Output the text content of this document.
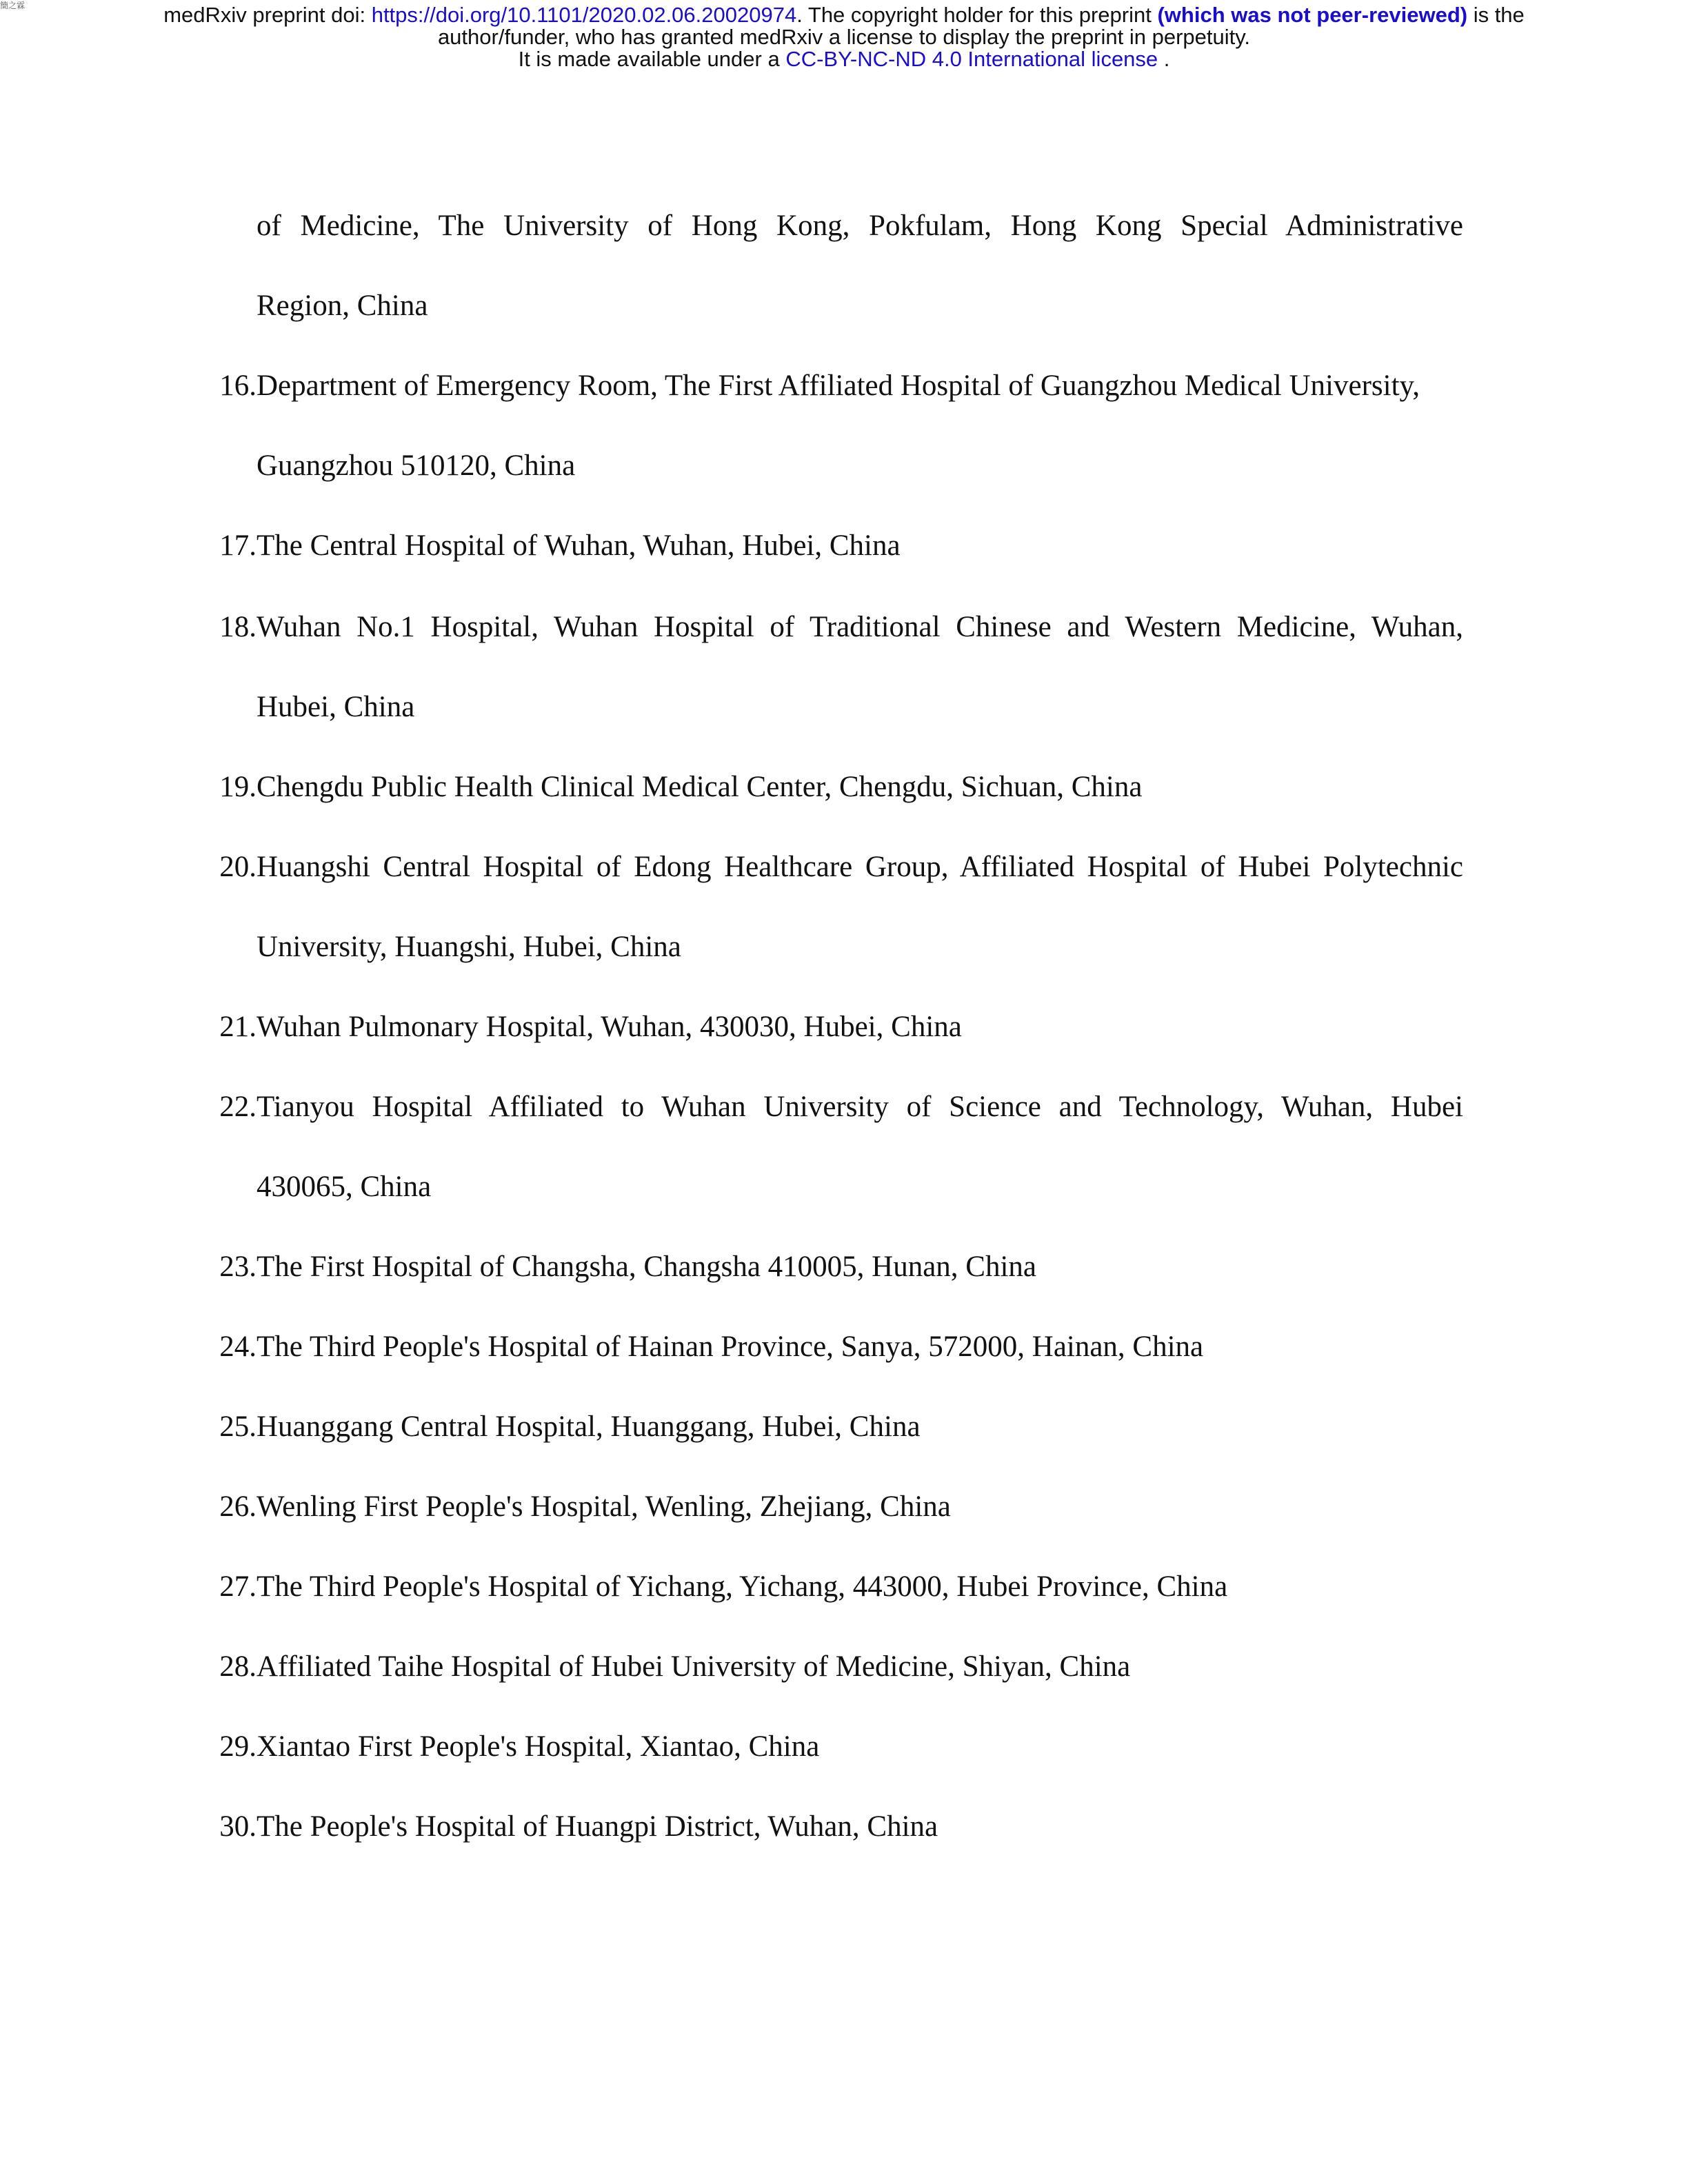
簡之霖	medRxiv preprint doi: https://doi.org/10.1101/2020.02.06.20020974. The copyright holder for this preprint (which was not peer-reviewed) is the
author/funder, who has granted medRxiv a license to display the preprint in perpetuity.
It is made available under a CC-BY-NC-ND 4.0 International license .
of Medicine, The University of Hong Kong, Pokfulam, Hong Kong Special Administrative
Region, China
16. Department of Emergency Room, The First Affiliated Hospital of Guangzhou Medical University,
Guangzhou 510120, China
17. The Central Hospital of Wuhan, Wuhan, Hubei, China
18. Wuhan No.1 Hospital, Wuhan Hospital of Traditional Chinese and Western Medicine, Wuhan,
Hubei, China
19. Chengdu Public Health Clinical Medical Center, Chengdu, Sichuan, China
20. Huangshi Central Hospital of Edong Healthcare Group, Affiliated Hospital of Hubei Polytechnic
University, Huangshi, Hubei, China
21. Wuhan Pulmonary Hospital, Wuhan, 430030, Hubei, China
22. Tianyou Hospital Affiliated to Wuhan University of Science and Technology, Wuhan, Hubei
430065, China
23. The First Hospital of Changsha, Changsha 410005, Hunan, China
24. The Third People's Hospital of Hainan Province, Sanya, 572000, Hainan, China
25. Huanggang Central Hospital, Huanggang, Hubei, China
26. Wenling First People's Hospital, Wenling, Zhejiang, China
27. The Third People's Hospital of Yichang, Yichang, 443000, Hubei Province, China
28. Affiliated Taihe Hospital of Hubei University of Medicine, Shiyan, China
29. Xiantao First People's Hospital, Xiantao, China
30. The People's Hospital of Huangpi District, Wuhan, China
